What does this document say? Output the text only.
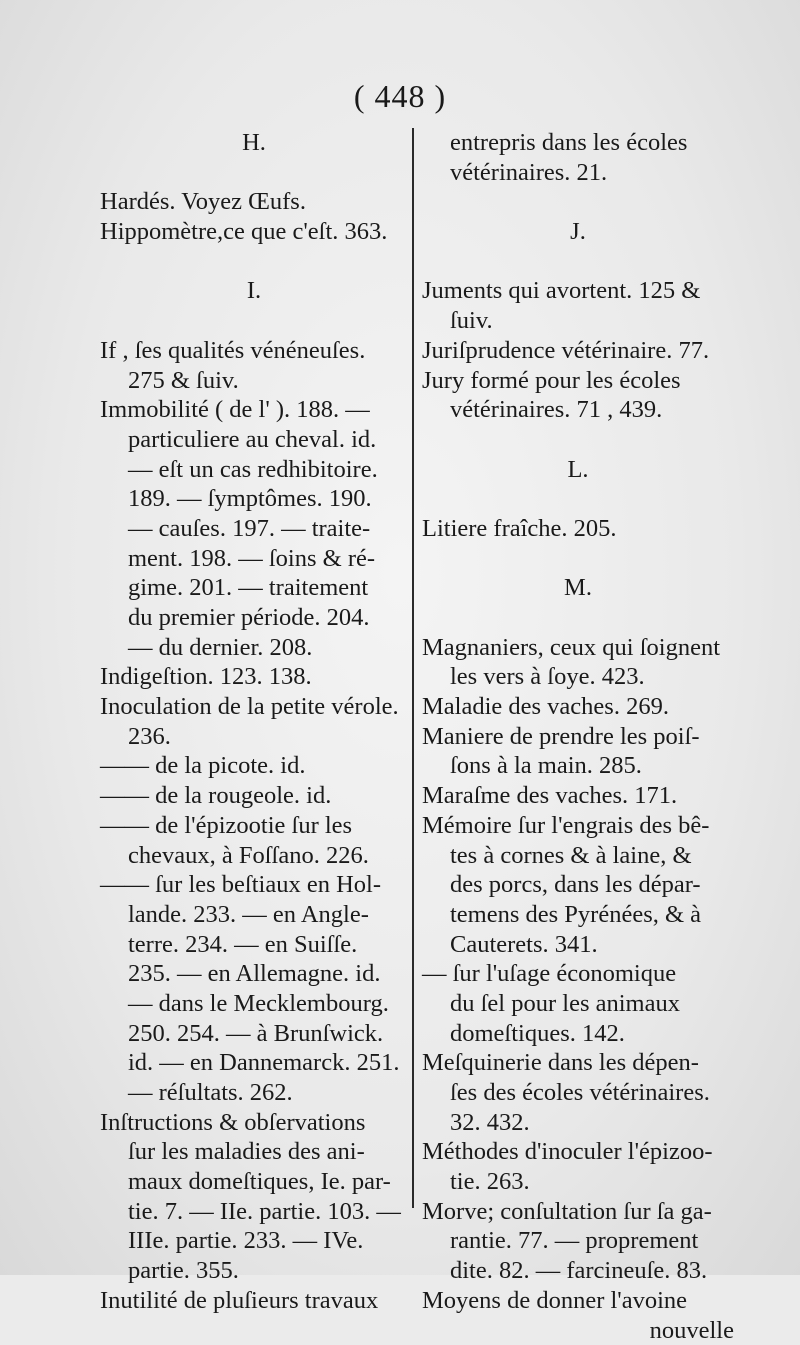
( 448 )
H.
Hardés. Voyez Œufs.
Hippomètre,ce que c'eſt. 363.
I.
If , ſes qualités vénéneuſes.
275 & ſuiv.
Immobilité ( de l' ). 188. —
particuliere au cheval. id.
— eſt un cas redhibitoire.
189. — ſymptômes. 190.
— cauſes. 197. — traite-
ment. 198. — ſoins & ré-
gime. 201. — traitement
du premier période. 204.
— du dernier. 208.
Indigeſtion. 123. 138.
Inoculation de la petite vérole.
236.
—— de la picote. id.
—— de la rougeole. id.
—— de l'épizootie ſur les
chevaux, à Foſſano. 226.
—— ſur les beſtiaux en Hol-
lande. 233. — en Angle-
terre. 234. — en Suiſſe.
235. — en Allemagne. id.
— dans le Mecklembourg.
250. 254. — à Brunſwick.
id. — en Dannemarck. 251.
— réſultats. 262.
Inſtructions & obſervations
ſur les maladies des ani-
maux domeſtiques, Ie. par-
tie. 7. — IIe. partie. 103. —
IIIe. partie. 233. — IVe.
partie. 355.
Inutilité de pluſieurs travaux
entrepris dans les écoles
vétérinaires. 21.
J.
Juments qui avortent. 125 &
ſuiv.
Juriſprudence vétérinaire. 77.
Jury formé pour les écoles
vétérinaires. 71 , 439.
L.
Litiere fraîche. 205.
M.
Magnaniers, ceux qui ſoignent
les vers à ſoye. 423.
Maladie des vaches. 269.
Maniere de prendre les poiſ-
ſons à la main. 285.
Maraſme des vaches. 171.
Mémoire ſur l'engrais des bê-
tes à cornes & à laine, &
des porcs, dans les dépar-
temens des Pyrénées, & à
Cauterets. 341.
— ſur l'uſage économique
du ſel pour les animaux
domeſtiques. 142.
Meſquinerie dans les dépen-
ſes des écoles vétérinaires.
32. 432.
Méthodes d'inoculer l'épizoo-
tie. 263.
Morve; conſultation ſur ſa ga-
rantie. 77. — proprement
dite. 82. — farcineuſe. 83.
Moyens de donner l'avoine
nouvelle
